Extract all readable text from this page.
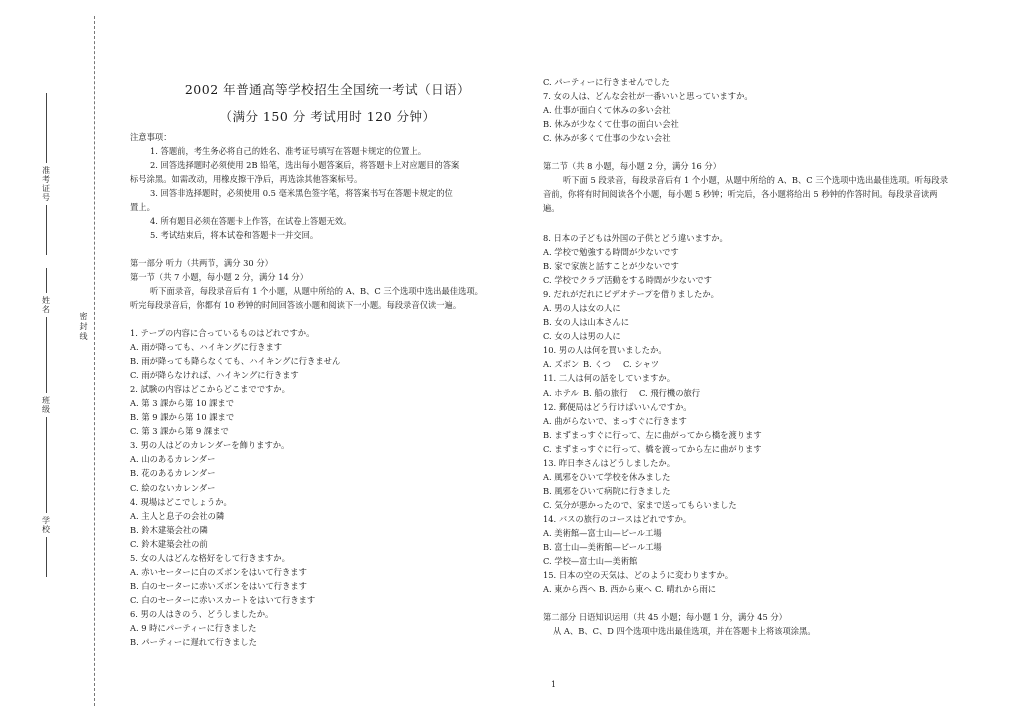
准考证号
姓名
班级
学校
密封线
2002 年普通高等学校招生全国统一考试（日语）
（满分 150 分 考试用时 120 分钟）
注意事项：
1. 答题前，考生务必将自己的姓名、准考证号填写在答题卡规定的位置上。
2. 回答选择题时必须使用 2B 铅笔，选出每小题答案后，将答题卡上对应题目的答案
标号涂黑。如需改动，用橡皮擦干净后，再选涂其他答案标号。
3. 回答非选择题时，必须使用 0.5 毫米黑色签字笔，将答案书写在答题卡规定的位
置上。
4. 所有题目必须在答题卡上作答，在试卷上答题无效。
5. 考试结束后，将本试卷和答题卡一并交回。
第一部分 听力（共两节，满分 30 分）
第一节（共 7 小题，每小题 2 分，满分 14 分）
听下面录音，每段录音后有 1 个小题，从题中所给的 A、B、C 三个选项中选出最佳选项。
听完每段录音后，你都有 10 秒钟的时间回答该小题和阅读下一小题。每段录音仅读一遍。
1. テープの内容に合っているものはどれですか。
A. 雨が降っても、ハイキングに行きます
B. 雨が降っても降らなくても、ハイキングに行きません
C. 雨が降らなければ、ハイキングに行きます
2. 試験の内容はどこからどこまでですか。
A. 第 3 課から第 10 課まで
B. 第 9 課から第 10 課まで
C. 第 3 課から第 9 課まで
3. 男の人はどのカレンダーを飾りますか。
A. 山のあるカレンダー
B. 花のあるカレンダー
C. 絵のないカレンダー
4. 現場はどこでしょうか。
A. 主人と息子の会社の隣
B. 鈴木建築会社の隣
C. 鈴木建築会社の前
5. 女の人はどんな格好をして行きますか。
A. 赤いセーターに白のズボンをはいて行きます
B. 白のセーターに赤いズボンをはいて行きます
C. 白のセーターに赤いスカートをはいて行きます
6. 男の人はきのう、どうしましたか。
A. 9 時にパーティーに行きました
B. パーティーに遅れて行きました
C. パーティーに行きませんでした
7. 女の人は、どんな会社が一番いいと思っていますか。
A. 仕事が面白くて休みの多い会社
B. 休みが少なくて仕事の面白い会社
C. 休みが多くて仕事の少ない会社
第二节（共 8 小题，每小题 2 分，满分 16 分）
听下面 5 段录音，每段录音后有 1 个小题，从题中所给的 A、B、C 三个选项中选出最佳选项。听每段录
音前，你将有时间阅读各个小题，每小题 5 秒钟；听完后，各小题将给出 5 秒钟的作答时间。每段录音读两
遍。
8. 日本の子どもは外国の子供とどう違いますか。
A. 学校で勉強する時間が少ないです
B. 家で家族と話すことが少ないです
C. 学校でクラブ活動をする時間が少ないです
9. だれがだれにビデオテープを借りましたか。
A. 男の人は女の人に
B. 女の人は山本さんに
C. 女の人は男の人に
10. 男の人は何を買いましたか。
A. ズボン B. くつ	C. シャツ
11. 二人は何の話をしていますか。
A. ホテル B. 船の旅行	C. 飛行機の旅行
12. 郵便局はどう行けばいいんですか。
A. 曲がらないで、まっすぐに行きます
B. まずまっすぐに行って、左に曲がってから橋を渡ります
C. まずまっすぐに行って、橋を渡ってから左に曲がります
13. 昨日李さんはどうしましたか。
A. 風邪をひいて学校を休みました
B. 風邪をひいて病院に行きました
C. 気分が悪かったので、家まで送ってもらいました
14. バスの旅行のコースはどれですか。
A. 美術館—富士山—ビール工場
B. 富士山—美術館—ビール工場
C. 学校—富士山—美術館
15. 日本の空の天気は、どのように変わりますか。
A. 東から西へ B. 西から東へ C. 晴れから雨に
第二部分 日语知识运用（共 45 小题；每小题 1 分，满分 45 分）
从 A、B、C、D 四个选项中选出最佳选项，并在答题卡上将该项涂黑。
1
